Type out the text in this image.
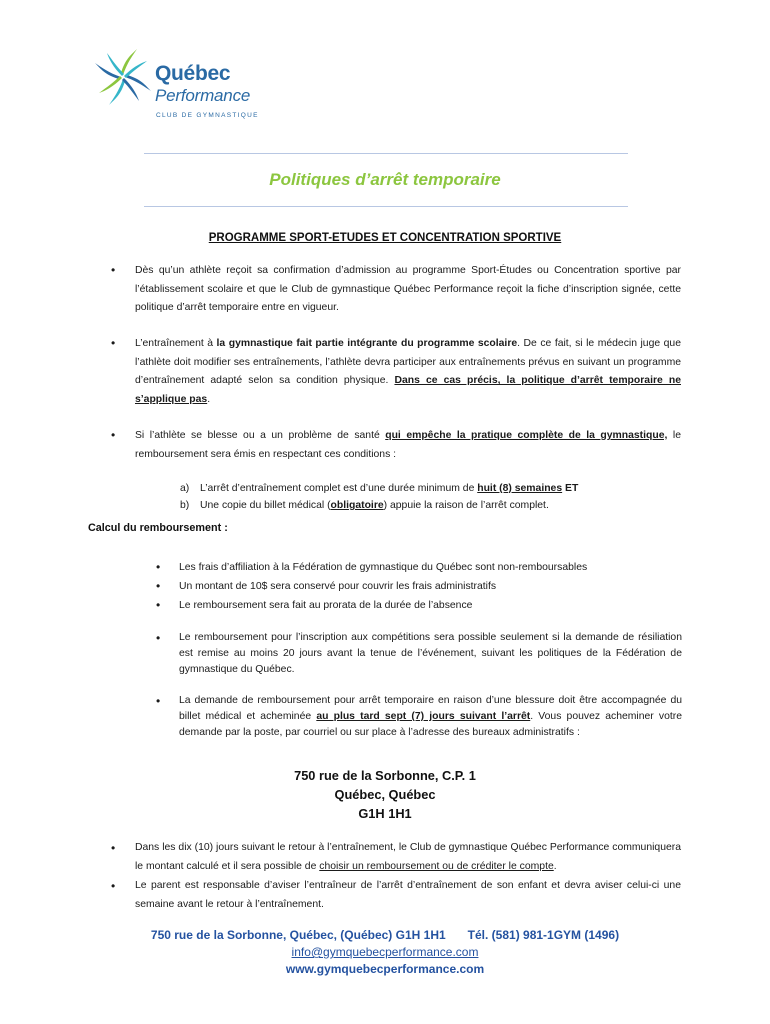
Québec
Performance
CLUB DE GYMNASTIQUE
Politiques d’arrêt temporaire
PROGRAMME SPORT-ETUDES ET CONCENTRATION SPORTIVE
• Dès qu’un athlète reçoit sa confirmation d’admission au programme Sport-Études ou Concentration sportive par l’établissement scolaire et que le Club de gymnastique Québec Performance reçoit la fiche d’inscription signée, cette politique d’arrêt temporaire entre en vigueur.
• L’entraînement à la gymnastique fait partie intégrante du programme scolaire. De ce fait, si le médecin juge que l’athlète doit modifier ses entraînements, l’athlète devra participer aux entraînements prévus en suivant un programme d’entraînement adapté selon sa condition physique. Dans ce cas précis, la politique d’arrêt temporaire ne s’applique pas.
• Si l’athlète se blesse ou a un problème de santé qui empêche la pratique complète de la gymnastique, le remboursement sera émis en respectant ces conditions :
a) L’arrêt d’entraînement complet est d’une durée minimum de huit (8) semaines ET
b) Une copie du billet médical (obligatoire) appuie la raison de l’arrêt complet.
Calcul du remboursement :
• Les frais d’affiliation à la Fédération de gymnastique du Québec sont non-remboursables
• Un montant de 10$ sera conservé pour couvrir les frais administratifs
• Le remboursement sera fait au prorata de la durée de l’absence
• Le remboursement pour l’inscription aux compétitions sera possible seulement si la demande de résiliation est remise au moins 20 jours avant la tenue de l’événement, suivant les politiques de la Fédération de gymnastique du Québec.
• La demande de remboursement pour arrêt temporaire en raison d’une blessure doit être accompagnée du billet médical et acheminée au plus tard sept (7) jours suivant l’arrêt. Vous pouvez acheminer votre demande par la poste, par courriel ou sur place à l’adresse des bureaux administratifs :
750 rue de la Sorbonne, C.P. 1
Québec, Québec
G1H 1H1
• Dans les dix (10) jours suivant le retour à l’entraînement, le Club de gymnastique Québec Performance communiquera le montant calculé et il sera possible de choisir un remboursement ou de créditer le compte.
• Le parent est responsable d’aviser l’entraîneur de l’arrêt d’entraînement de son enfant et devra aviser celui-ci une semaine avant le retour à l’entraînement.
750 rue de la Sorbonne, Québec, (Québec) G1H 1H1 Tél. (581) 981-1GYM (1496)
info@gymquebecperformance.com
www.gymquebecperformance.com
